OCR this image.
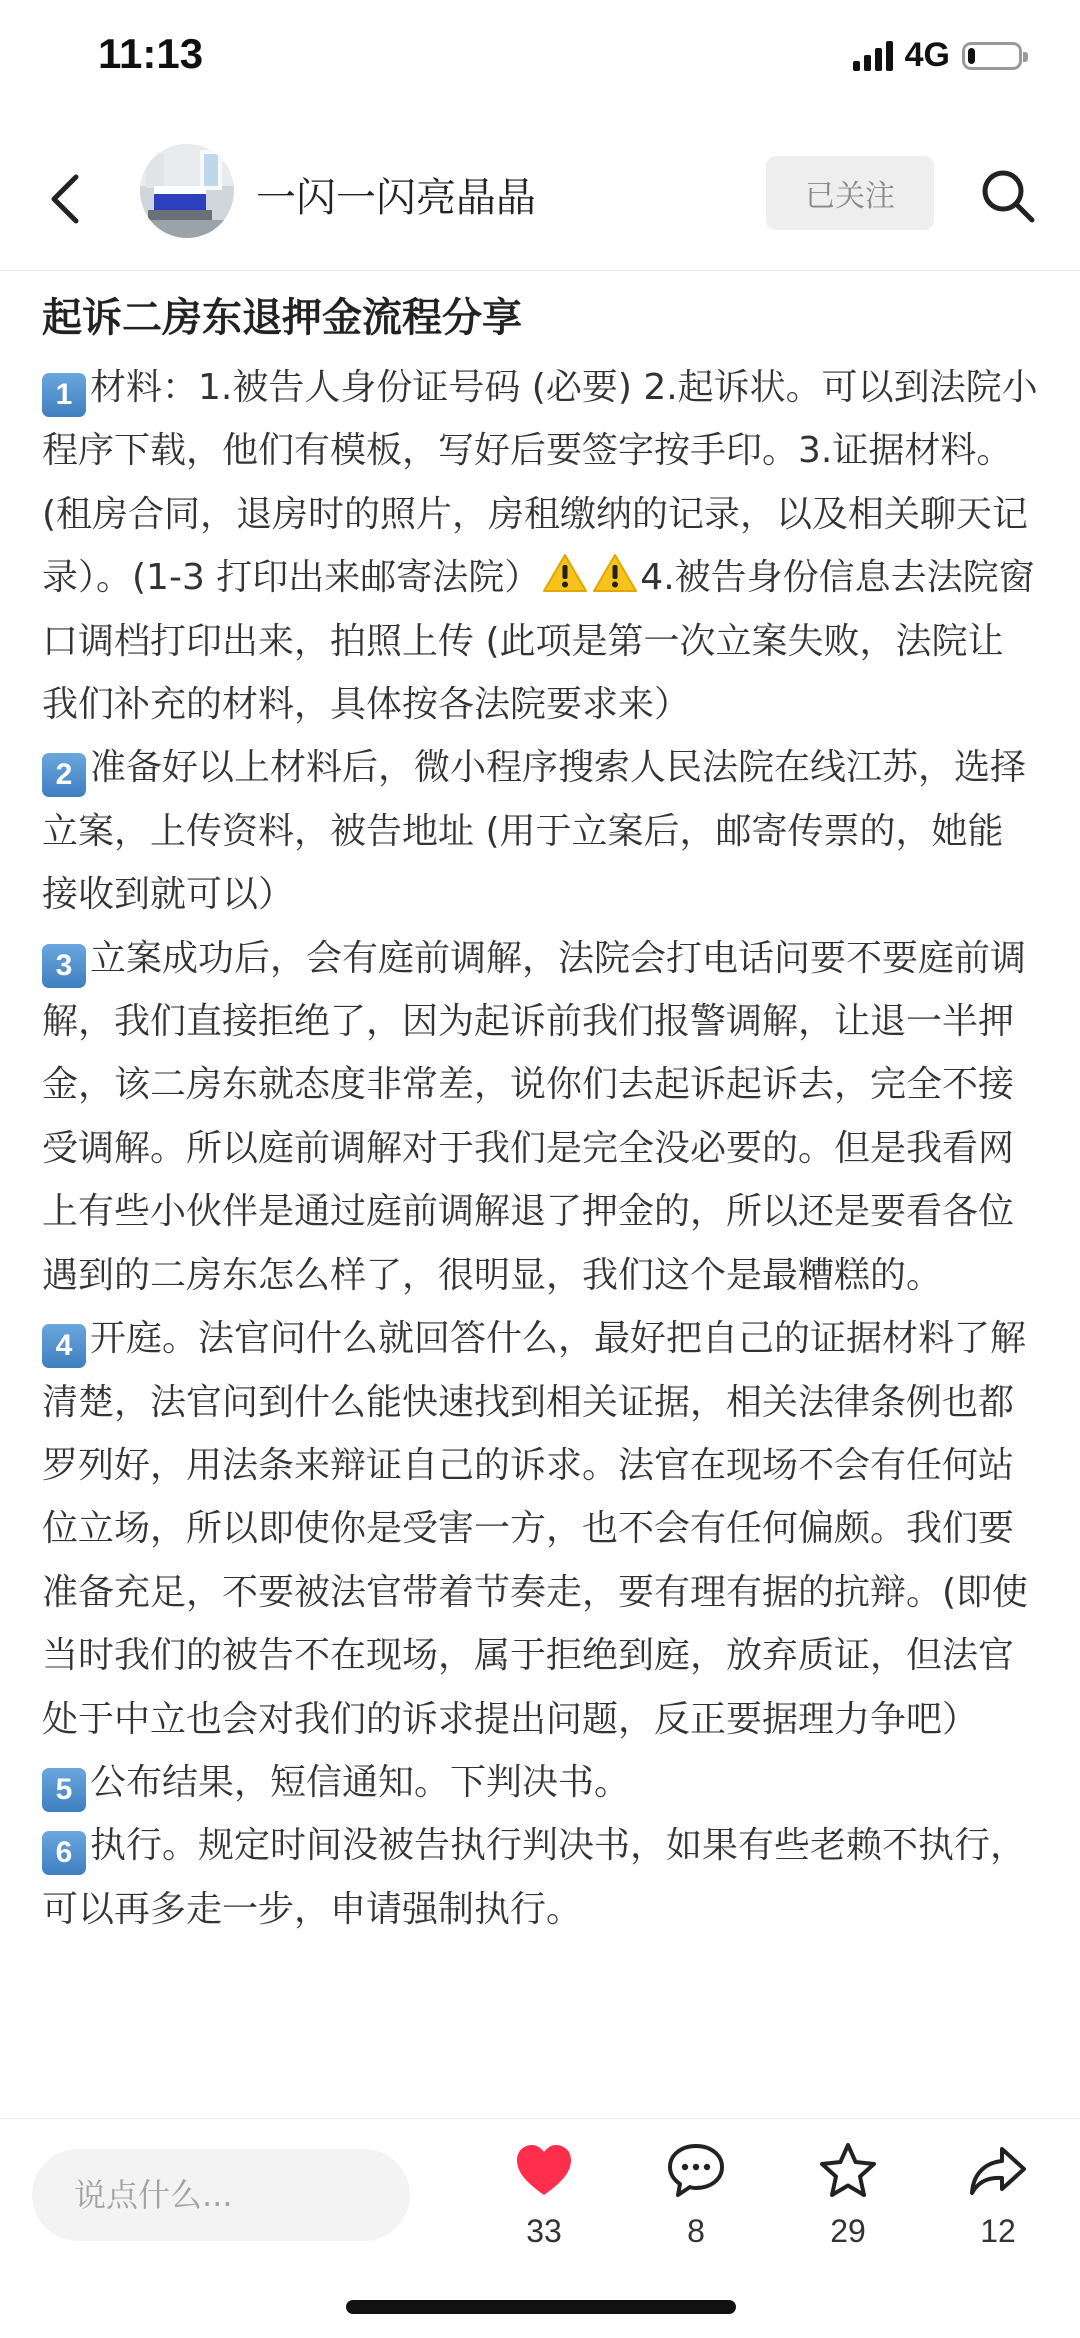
11:13	4G
一闪一闪亮晶晶	已关注
起诉二房东退押金流程分享

1 材料：1.被告人身份证号码 (必要) 2.起诉状。可以到法院小程序下载，他们有模板，写好后要签字按手印。3.证据材料。(租房合同，退房时的照片，房租缴纳的记录，以及相关聊天记录）。(1-3 打印出来邮寄法院）	4.被告身份信息去法院窗口调档打印出来，拍照上传 (此项是第一次立案失败，法院让我们补充的材料，具体按各法院要求来）

2 准备好以上材料后，微小程序搜索人民法院在线江苏，选择立案，上传资料，被告地址 (用于立案后，邮寄传票的，她能接收到就可以）

3 立案成功后，会有庭前调解，法院会打电话问要不要庭前调解，我们直接拒绝了，因为起诉前我们报警调解，让退一半押金，该二房东就态度非常差，说你们去起诉起诉去，完全不接受调解。所以庭前调解对于我们是完全没必要的。但是我看网上有些小伙伴是通过庭前调解退了押金的，所以还是要看各位遇到的二房东怎么样了，很明显，我们这个是最糟糕的。

4 开庭。法官问什么就回答什么，最好把自己的证据材料了解清楚，法官问到什么能快速找到相关证据，相关法律条例也都罗列好，用法条来辩证自己的诉求。法官在现场不会有任何站位立场，所以即使你是受害一方，也不会有任何偏颇。我们要准备充足，不要被法官带着节奏走，要有理有据的抗辩。(即使当时我们的被告不在现场，属于拒绝到庭，放弃质证，但法官处于中立也会对我们的诉求提出问题，反正要据理力争吧）

5 公布结果，短信通知。下判决书。

6 执行。规定时间没被告执行判决书，如果有些老赖不执行，可以再多走一步，申请强制执行。

说点什么...
33	8	29	12
